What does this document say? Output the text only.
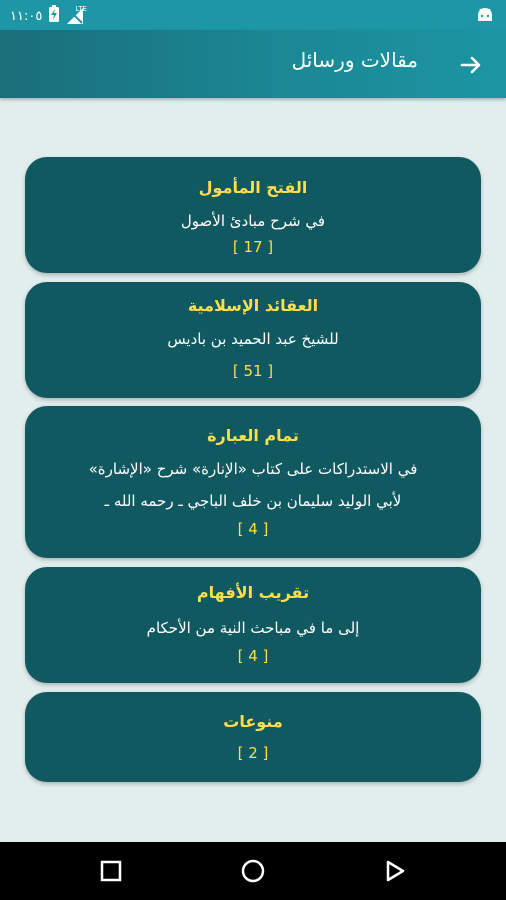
١١:٠٥	LTE
مقالات ورسائل
الفتح المأمول
في شرح مبادئ الأصول
[ 17 ]
العقائد الإسلامية
للشيخ عبد الحميد بن باديس
[ 51 ]
تمام العبارة
في الاستدراكات على كتاب «الإنارة» شرح «الإشارة»
لأبي الوليد سليمان بن خلف الباجي ـ رحمه الله ـ
[ 4 ]
تقريب الأفهام
إلى ما في مباحث النية من الأحكام
[ 4 ]
منوعات
[ 2 ]
